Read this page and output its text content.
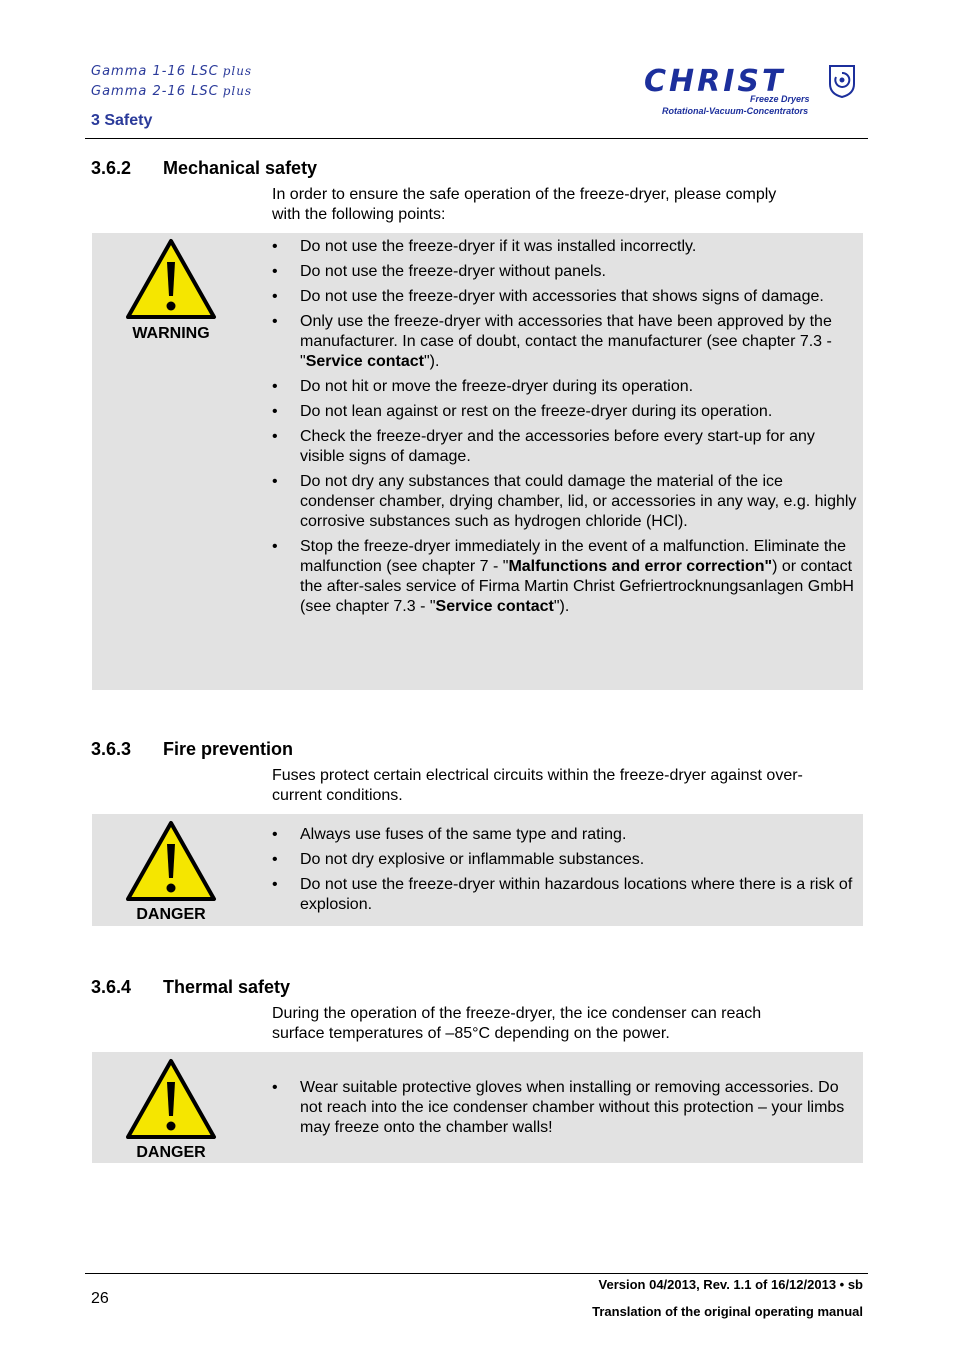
Gamma 1-16 LSC plus
Gamma 2-16 LSC plus
3 Safety
CHRIST
Freeze Dryers
Rotational-Vacuum-Concentrators
3.6.2 Mechanical safety
In order to ensure the safe operation of the freeze-dryer, please comply
with the following points:
WARNING
• Do not use the freeze-dryer if it was installed incorrectly.
• Do not use the freeze-dryer without panels.
• Do not use the freeze-dryer with accessories that shows signs of damage.
• Only use the freeze-dryer with accessories that have been approved by the manufacturer. In case of doubt, contact the manufacturer (see chapter 7.3 - "Service contact").
• Do not hit or move the freeze-dryer during its operation.
• Do not lean against or rest on the freeze-dryer during its operation.
• Check the freeze-dryer and the accessories before every start-up for any visible signs of damage.
• Do not dry any substances that could damage the material of the ice condenser chamber, drying chamber, lid, or accessories in any way, e.g. highly corrosive substances such as hydrogen chloride (HCl).
• Stop the freeze-dryer immediately in the event of a malfunction. Eliminate the malfunction (see chapter 7 - "Malfunctions and error correction") or contact the after-sales service of Firma Martin Christ Gefriertrocknungsanlagen GmbH (see chapter 7.3 - "Service contact").
3.6.3 Fire prevention
Fuses protect certain electrical circuits within the freeze-dryer against over-
current conditions.
DANGER
• Always use fuses of the same type and rating.
• Do not dry explosive or inflammable substances.
• Do not use the freeze-dryer within hazardous locations where there is a risk of explosion.
3.6.4 Thermal safety
During the operation of the freeze-dryer, the ice condenser can reach
surface temperatures of –85°C depending on the power.
DANGER
• Wear suitable protective gloves when installing or removing accessories. Do not reach into the ice condenser chamber without this protection – your limbs may freeze onto the chamber walls!
26
Version 04/2013, Rev. 1.1 of 16/12/2013 • sb
Translation of the original operating manual
